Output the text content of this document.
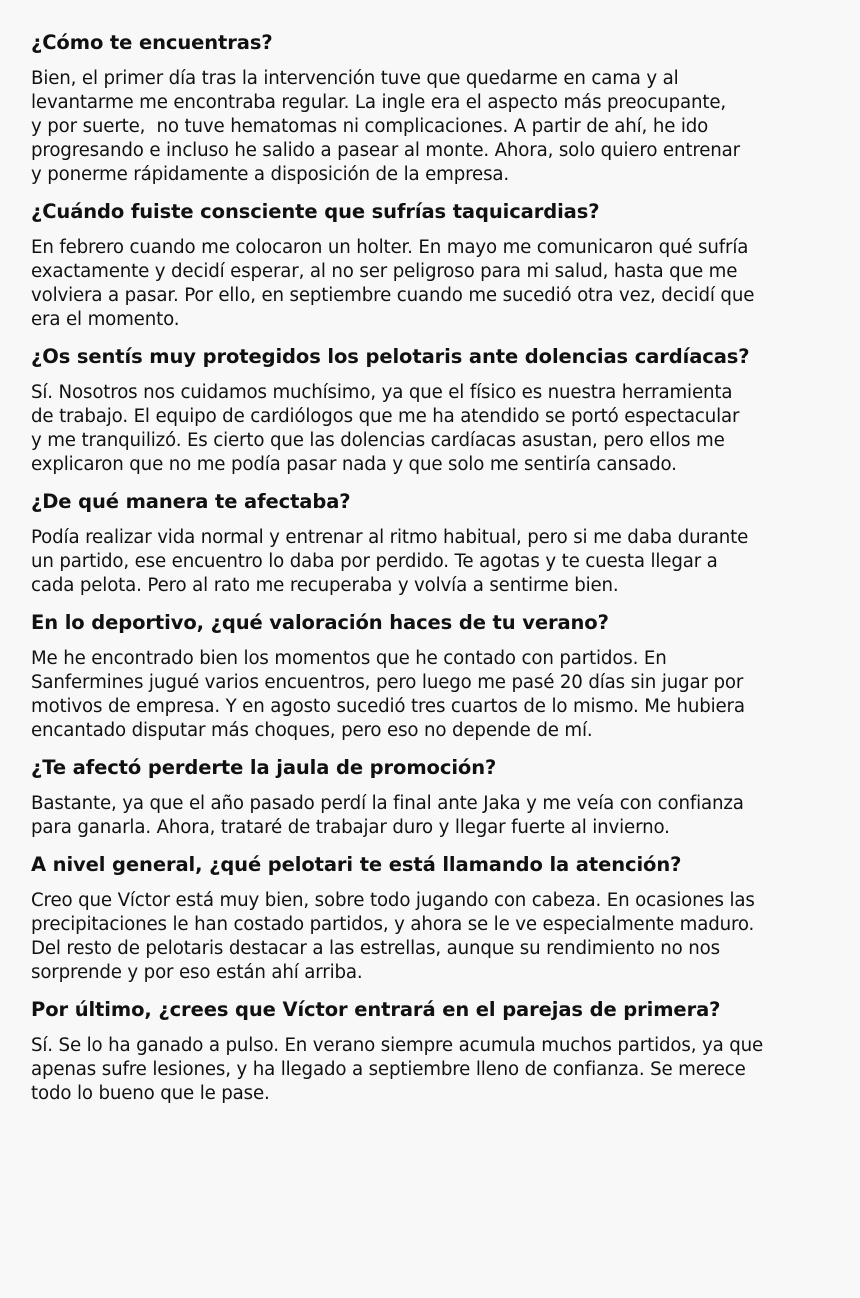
¿Cómo te encuentras?

Bien, el primer día tras la intervención tuve que quedarme en cama y al
levantarme me encontraba regular. La ingle era el aspecto más preocupante,
y por suerte,  no tuve hematomas ni complicaciones. A partir de ahí, he ido
progresando e incluso he salido a pasear al monte. Ahora, solo quiero entrenar
y ponerme rápidamente a disposición de la empresa.

¿Cuándo fuiste consciente que sufrías taquicardias?

En febrero cuando me colocaron un holter. En mayo me comunicaron qué sufría
exactamente y decidí esperar, al no ser peligroso para mi salud, hasta que me
volviera a pasar. Por ello, en septiembre cuando me sucedió otra vez, decidí que
era el momento.

¿Os sentís muy protegidos los pelotaris ante dolencias cardíacas?

Sí. Nosotros nos cuidamos muchísimo, ya que el físico es nuestra herramienta
de trabajo. El equipo de cardiólogos que me ha atendido se portó espectacular
y me tranquilizó. Es cierto que las dolencias cardíacas asustan, pero ellos me
explicaron que no me podía pasar nada y que solo me sentiría cansado.

¿De qué manera te afectaba?

Podía realizar vida normal y entrenar al ritmo habitual, pero si me daba durante
un partido, ese encuentro lo daba por perdido. Te agotas y te cuesta llegar a
cada pelota. Pero al rato me recuperaba y volvía a sentirme bien.

En lo deportivo, ¿qué valoración haces de tu verano?

Me he encontrado bien los momentos que he contado con partidos. En
Sanfermines jugué varios encuentros, pero luego me pasé 20 días sin jugar por
motivos de empresa. Y en agosto sucedió tres cuartos de lo mismo. Me hubiera
encantado disputar más choques, pero eso no depende de mí.

¿Te afectó perderte la jaula de promoción?

Bastante, ya que el año pasado perdí la final ante Jaka y me veía con confianza
para ganarla. Ahora, trataré de trabajar duro y llegar fuerte al invierno.

A nivel general, ¿qué pelotari te está llamando la atención?

Creo que Víctor está muy bien, sobre todo jugando con cabeza. En ocasiones las
precipitaciones le han costado partidos, y ahora se le ve especialmente maduro.
Del resto de pelotaris destacar a las estrellas, aunque su rendimiento no nos
sorprende y por eso están ahí arriba.

Por último, ¿crees que Víctor entrará en el parejas de primera?

Sí. Se lo ha ganado a pulso. En verano siempre acumula muchos partidos, ya que
apenas sufre lesiones, y ha llegado a septiembre lleno de confianza. Se merece
todo lo bueno que le pase.
